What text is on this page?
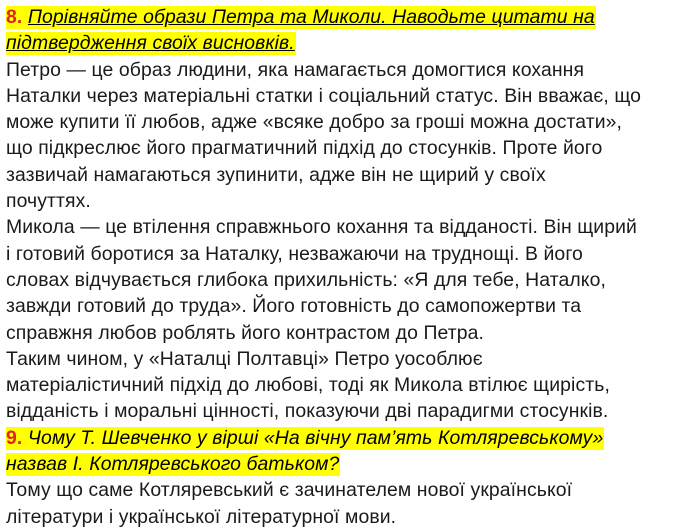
8. Порівняйте образи Петра та Миколи. Наводьте цитати на
підтвердження своїх висновків.
Петро — це образ людини, яка намагається домогтися кохання
Наталки через матеріальні статки і соціальний статус. Він вважає, що
може купити її любов, адже «всяке добро за гроші можна достати»,
що підкреслює його прагматичний підхід до стосунків. Проте його
зазвичай намагаються зупинити, адже він не щирий у своїх
почуттях.
Микола — це втілення справжнього кохання та відданості. Він щирий
і готовий боротися за Наталку, незважаючи на труднощі. В його
словах відчувається глибока прихильність: «Я для тебе, Наталко,
завжди готовий до труда». Його готовність до самопожертви та
справжня любов роблять його контрастом до Петра.
Таким чином, у «Наталці Полтавці» Петро уособлює
матеріалістичний підхід до любові, тоді як Микола втілює щирість,
відданість і моральні цінності, показуючи дві парадигми стосунків.
9. Чому Т. Шевченко у вірші «На вічну пам’ять Котляревському»
назвав І. Котляревського батьком?
Тому що саме Котляревський є зачинателем нової української
літератури і української літературної мови.
